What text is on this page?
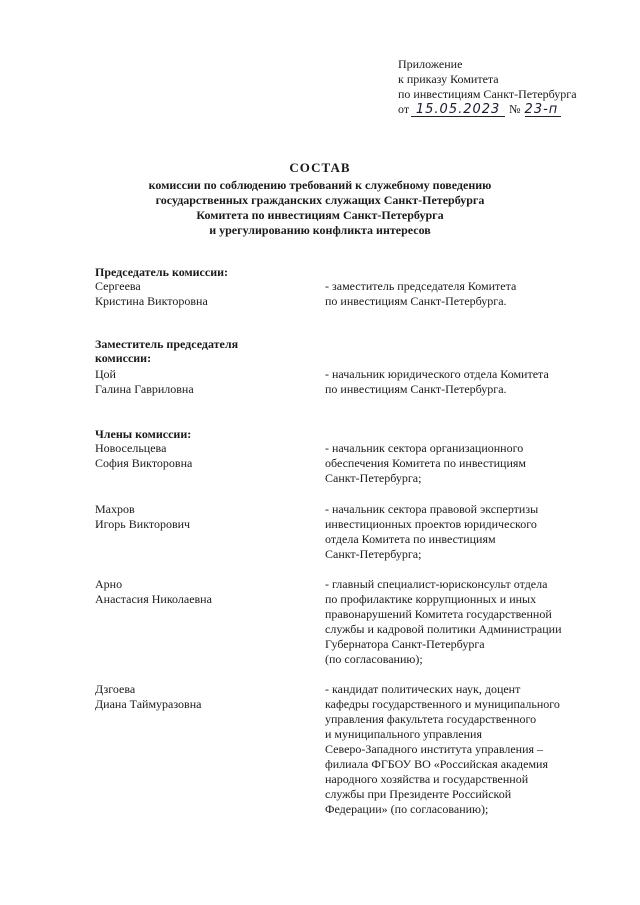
Приложение
к приказу Комитета
по инвестициям Санкт-Петербурга
от 15.05.2023 № 23-п
СОСТАВ
комиссии по соблюдению требований к служебному поведению
государственных гражданских служащих Санкт-Петербурга
Комитета по инвестициям Санкт-Петербурга
и урегулированию конфликта интересов
Председатель комиссии:
Сергеева
Кристина Викторовна
- заместитель председателя Комитета
по инвестициям Санкт-Петербурга.
Заместитель председателя
комиссии:
Цой
Галина Гавриловна
- начальник юридического отдела Комитета
по инвестициям Санкт-Петербурга.
Члены комиссии:
Новосельцева
София Викторовна
- начальник сектора организационного
обеспечения Комитета по инвестициям
Санкт-Петербурга;
Махров
Игорь Викторович
- начальник сектора правовой экспертизы
инвестиционных проектов юридического
отдела Комитета по инвестициям
Санкт-Петербурга;
Арно
Анастасия Николаевна
- главный специалист-юрисконсульт отдела
по профилактике коррупционных и иных
правонарушений Комитета государственной
службы и кадровой политики Администрации
Губернатора Санкт-Петербурга
(по согласованию);
Дзгоева
Диана Таймуразовна
- кандидат политических наук, доцент
кафедры государственного и муниципального
управления факультета государственного
и муниципального управления
Северо-Западного института управления –
филиала ФГБОУ ВО «Российская академия
народного хозяйства и государственной
службы при Президенте Российской
Федерации» (по согласованию);
